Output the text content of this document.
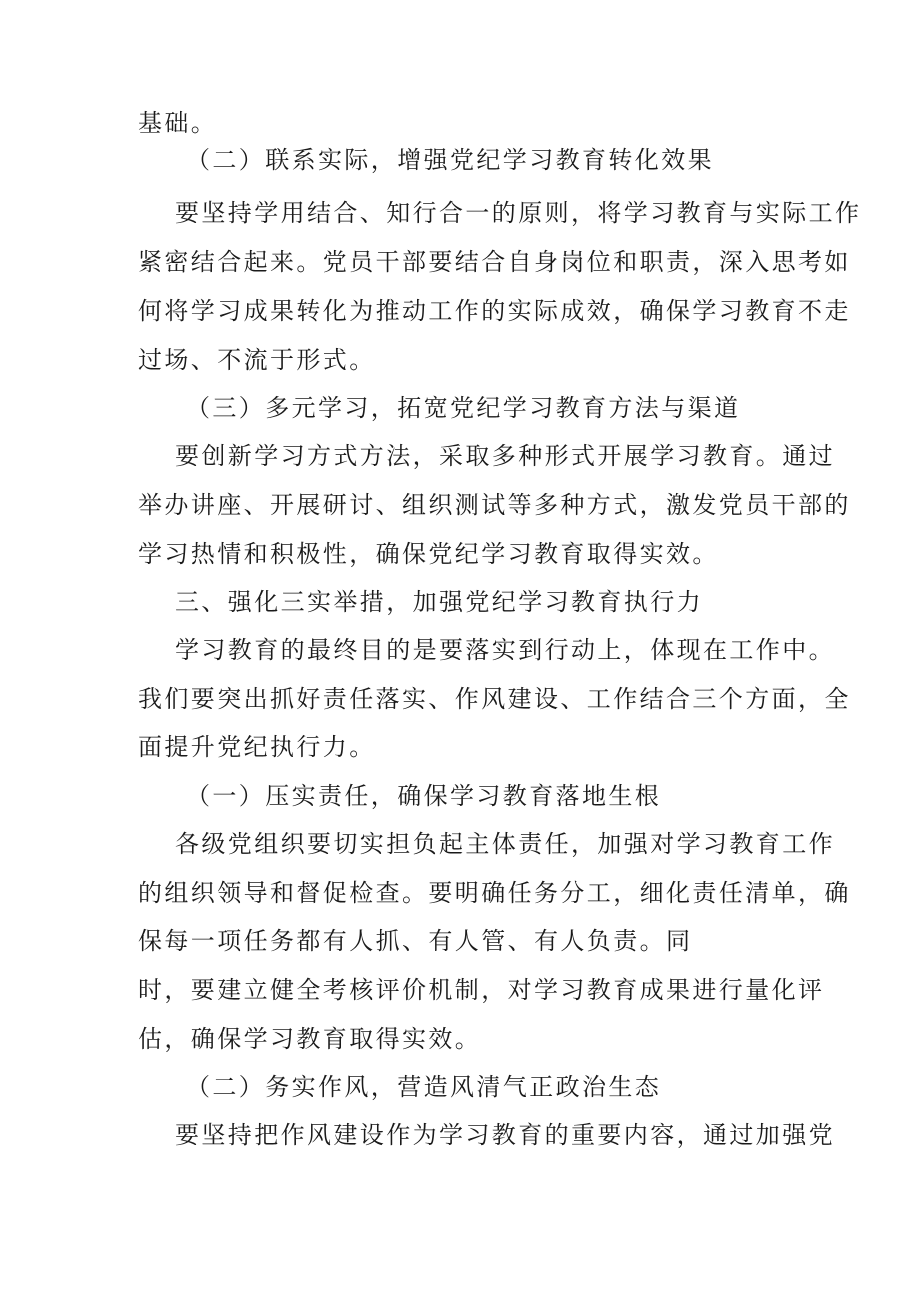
基础。

（二）联系实际，增强党纪学习教育转化效果

要坚持学用结合、知行合一的原则，将学习教育与实际工作

紧密结合起来。党员干部要结合自身岗位和职责，深入思考如

何将学习成果转化为推动工作的实际成效，确保学习教育不走

过场、不流于形式。

（三）多元学习，拓宽党纪学习教育方法与渠道

要创新学习方式方法，采取多种形式开展学习教育。通过

举办讲座、开展研讨、组织测试等多种方式，激发党员干部的

学习热情和积极性，确保党纪学习教育取得实效。

三、强化三实举措，加强党纪学习教育执行力

学习教育的最终目的是要落实到行动上，体现在工作中。

我们要突出抓好责任落实、作风建设、工作结合三个方面，全

面提升党纪执行力。

（一）压实责任，确保学习教育落地生根

各级党组织要切实担负起主体责任，加强对学习教育工作

的组织领导和督促检查。要明确任务分工，细化责任清单，确

保每一项任务都有人抓、有人管、有人负责。同

时，要建立健全考核评价机制，对学习教育成果进行量化评

估，确保学习教育取得实效。

（二）务实作风，营造风清气正政治生态

要坚持把作风建设作为学习教育的重要内容，通过加强党
